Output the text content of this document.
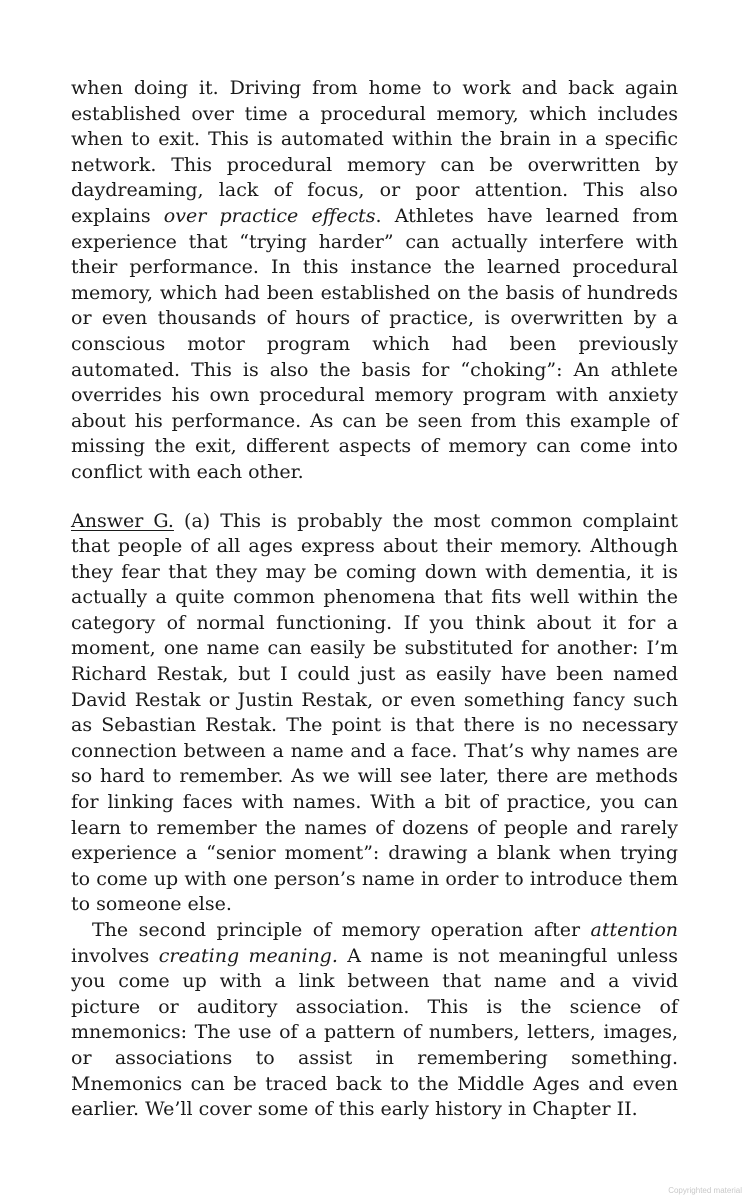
when doing it. Driving from home to work and back again established over time a procedural memory, which includes when to exit. This is automated within the brain in a specific network. This procedural memory can be overwritten by daydreaming, lack of focus, or poor attention. This also explains over practice effects. Athletes have learned from experience that “trying harder” can actually interfere with their performance. In this instance the learned procedural memory, which had been established on the basis of hundreds or even thousands of hours of practice, is overwritten by a conscious motor program which had been previously automated. This is also the basis for “choking”: An athlete overrides his own procedural memory program with anxiety about his performance. As can be seen from this example of missing the exit, different aspects of memory can come into conflict with each other.

Answer G. (a) This is probably the most common complaint that people of all ages express about their memory. Although they fear that they may be coming down with dementia, it is actually a quite common phenomena that fits well within the category of normal functioning. If you think about it for a moment, one name can easily be substituted for another: I’m Richard Restak, but I could just as easily have been named David Restak or Justin Restak, or even something fancy such as Sebastian Restak. The point is that there is no necessary connection between a name and a face. That’s why names are so hard to remember. As we will see later, there are methods for linking faces with names. With a bit of practice, you can learn to remember the names of dozens of people and rarely experience a “senior moment”: drawing a blank when trying to come up with one person’s name in order to introduce them to someone else.

The second principle of memory operation after attention involves creating meaning. A name is not meaningful unless you come up with a link between that name and a vivid picture or auditory association. This is the science of mnemonics: The use of a pattern of numbers, letters, images, or associations to assist in remembering something. Mnemonics can be traced back to the Middle Ages and even earlier. We’ll cover some of this early history in Chapter II.

Copyrighted material
